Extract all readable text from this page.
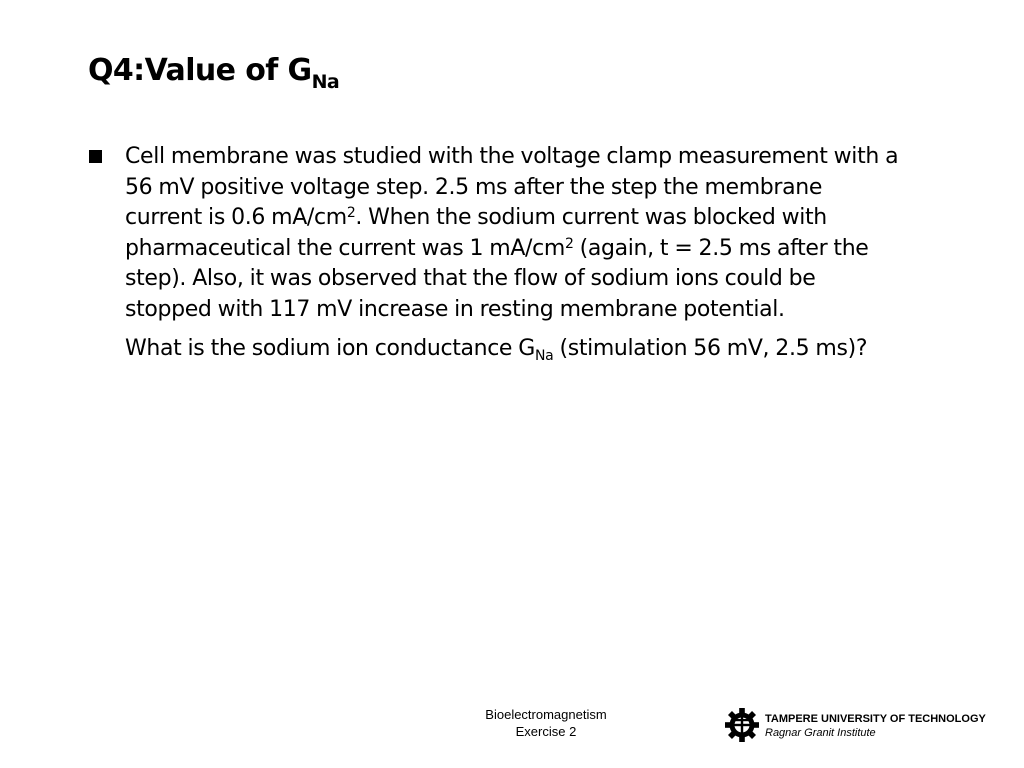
Q4:Value of $G_{Na}$
Cell membrane was studied with the voltage clamp measurement with a
56 mV positive voltage step. 2.5 ms after the step the membrane
current is 0.6 $mA/cm^2$. When the sodium current was blocked with
pharmaceutical the current was 1 $mA/cm^2$ (again, t = 2.5 ms after the
step). Also, it was observed that the flow of sodium ions could be
stopped with 117 mV increase in resting membrane potential.
What is the sodium ion conductance $G_{Na}$ (stimulation 56 mV, 2.5 ms)?
Bioelectromagnetism
Exercise 2
TAMPERE UNIVERSITY OF TECHNOLOGY
Ragnar Granit Institute
